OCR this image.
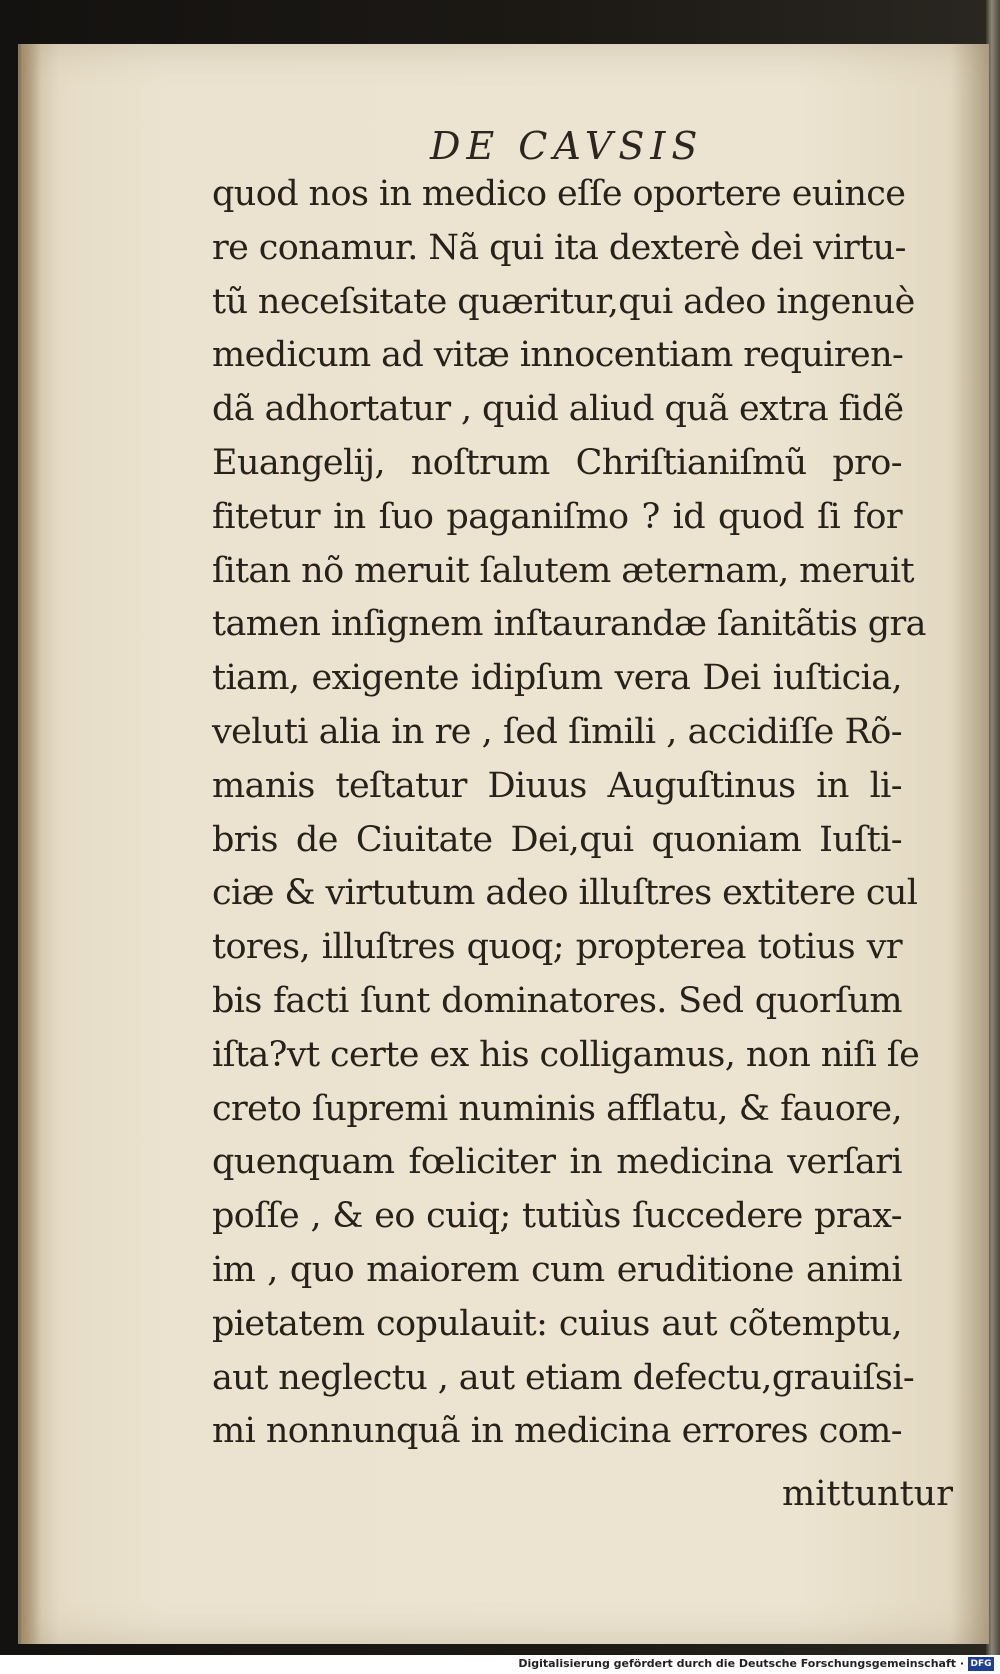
DE CAVSIS
quod nos in medico eſſe oportere euince
re conamur. Nã qui ita dexterè dei virtu-
tũ neceſsitate quæritur,qui adeo ingenuè
medicum ad vitæ innocentiam requiren-
dã adhortatur , quid aliud quã extra fidẽ
Euangelij, noſtrum Chriſtianiſmũ pro-
fitetur in ſuo paganiſmo ? id quod ſi for
ſitan nõ meruit ſalutem æternam, meruit
tamen inſignem inſtaurandæ ſanitãtis gra
tiam, exigente idipſum vera Dei iuſticia,
veluti alia in re , ſed ſimili , accidiſſe Rõ-
manis teſtatur Diuus Auguſtinus in li-
bris de Ciuitate Dei,qui quoniam Iuſti-
ciæ & virtutum adeo illuſtres extitere cul
tores, illuſtres quoq; propterea totius vr
bis facti ſunt dominatores. Sed quorſum
iſta?vt certe ex his colligamus, non niſi ſe
creto ſupremi numinis afflatu, & fauore,
quenquam fœliciter in medicina verſari
poſſe , & eo cuiq; tutiùs ſuccedere prax-
im , quo maiorem cum eruditione animi
pietatem copulauit: cuius aut cõtemptu,
aut neglectu , aut etiam defectu,grauiſsi-
mi nonnunquã in medicina errores com-
mittuntur
Digitalisierung gefördert durch die Deutsche Forschungsgemeinschaft · DFG
